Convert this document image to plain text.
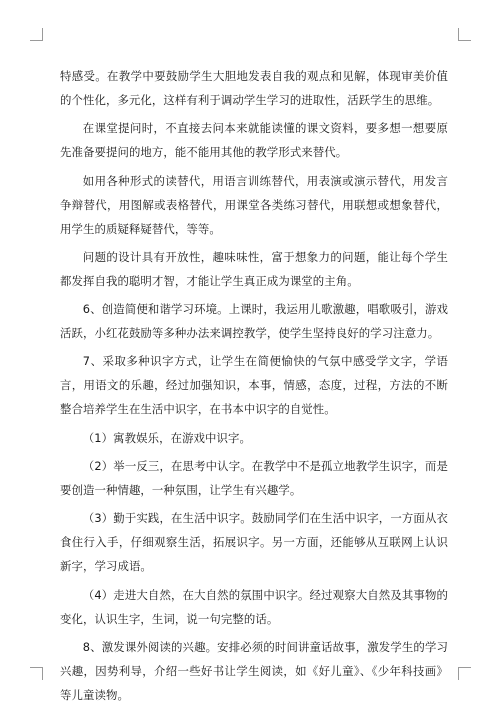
特感受。在教学中要鼓励学生大胆地发表自我的观点和见解，体现审美价值的个性化，多元化，这样有利于调动学生学习的进取性，活跃学生的思维。

在课堂提问时，不直接去问本来就能读懂的课文资料，要多想一想要原先准备要提问的地方，能不能用其他的教学形式来替代。

如用各种形式的读替代，用语言训练替代，用表演或演示替代，用发言争辩替代，用图解或表格替代，用课堂各类练习替代，用联想或想象替代，用学生的质疑释疑替代，等等。

问题的设计具有开放性，趣味味性，富于想象力的问题，能让每个学生都发挥自我的聪明才智，才能让学生真正成为课堂的主角。

6、创造简便和谐学习环境。上课时，我运用儿歌激趣，唱歌吸引，游戏活跃，小红花鼓励等多种办法来调控教学，使学生坚持良好的学习注意力。

7、采取多种识字方式，让学生在简便愉快的气氛中感受学文字，学语言，用语文的乐趣，经过加强知识，本事，情感，态度，过程，方法的不断整合培养学生在生活中识字，在书本中识字的自觉性。

（1）寓教娱乐，在游戏中识字。

（2）举一反三，在思考中认字。在教学中不是孤立地教学生识字，而是要创造一种情趣，一种氛围，让学生有兴趣学。

（3）勤于实践，在生活中识字。鼓励同学们在生活中识字，一方面从衣食住行入手，仔细观察生活，拓展识字。另一方面，还能够从互联网上认识新字，学习成语。

（4）走进大自然，在大自然的氛围中识字。经过观察大自然及其事物的变化，认识生字，生词，说一句完整的话。

8、激发课外阅读的兴趣。安排必须的时间讲童话故事，激发学生的学习兴趣，因势利导，介绍一些好书让学生阅读，如《好儿童》、《少年科技画》等儿童读物。
